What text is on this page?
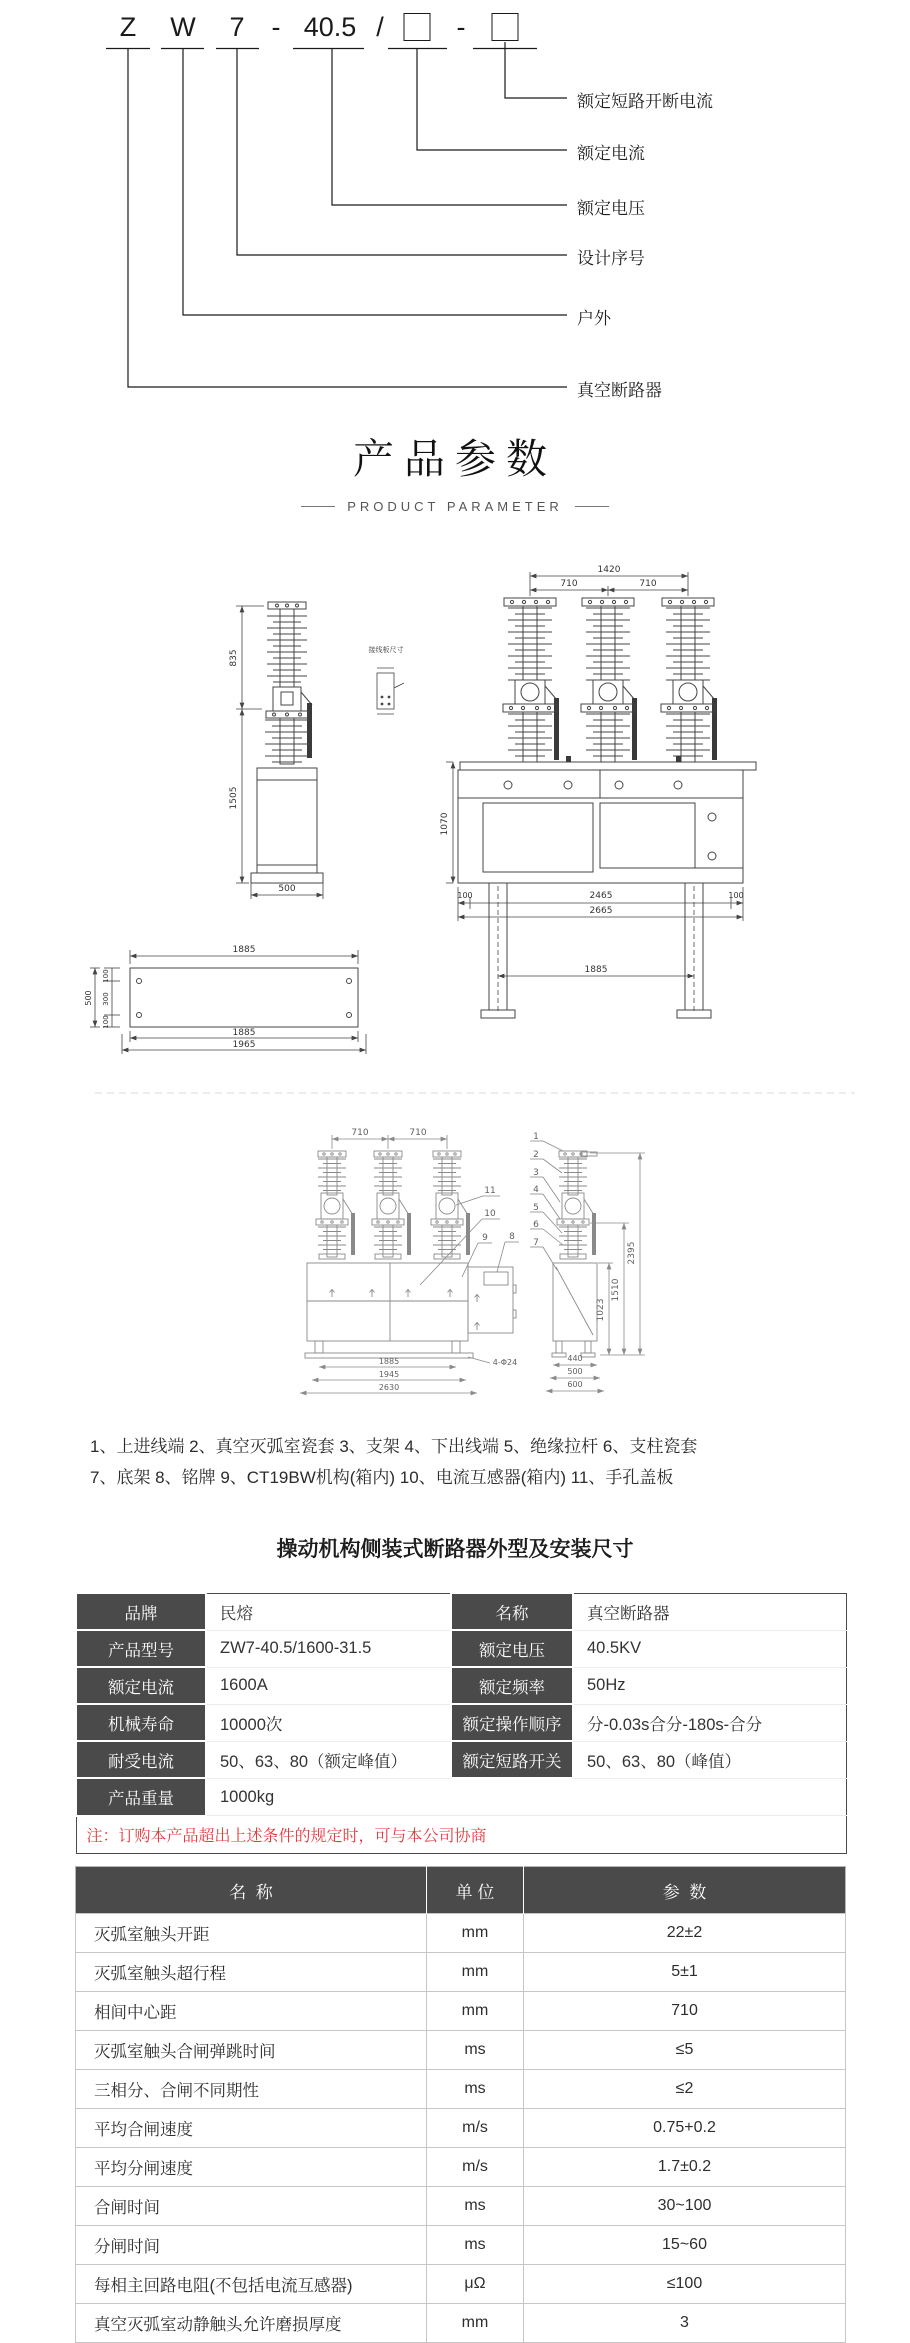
Z W 7 - 40.5 /	-
额定短路开断电流
额定电流
额定电压
设计序号
户外
真空断路器
产品参数
PRODUCT PARAMETER
835
1505
500
接线板尺寸
1420
710	710
1070
100	2465	100
2665
1885
1885
100
300
100
500
1885
1965
710	710	1
2
3
4
5
6
7
8
9
10
11
1885
1945
2630
4-Φ24
2395
1510
1023
440
500
600
1、上进线端 2、真空灭弧室瓷套 3、支架 4、下出线端 5、绝缘拉杆 6、支柱瓷套
7、底架 8、铭牌 9、CT19BW机构(箱内) 10、电流互感器(箱内) 11、手孔盖板
操动机构侧装式断路器外型及安装尺寸
品牌	民熔	名称	真空断路器
产品型号	ZW7-40.5/1600-31.5	额定电压	40.5KV
额定电流	1600A	额定频率	50Hz
机械寿命	10000次	额定操作顺序	分-0.03s合分-180s-合分
耐受电流	50、63、80（额定峰值）	额定短路开关	50、63、80（峰值）
产品重量	1000kg		
注：订购本产品超出上述条件的规定时，可与本公司协商			
名  称	单 位	参  数
灭弧室触头开距	mm	22±2
灭弧室触头超行程	mm	5±1
相间中心距	mm	710
灭弧室触头合闸弹跳时间	ms	≤5
三相分、合闸不同期性	ms	≤2
平均合闸速度	m/s	0.75+0.2
平均分闸速度	m/s	1.7±0.2
合闸时间	ms	30~100
分闸时间	ms	15~60
每相主回路电阻(不包括电流互感器)	μΩ	≤100
真空灭弧室动静触头允许磨损厚度	mm	3
